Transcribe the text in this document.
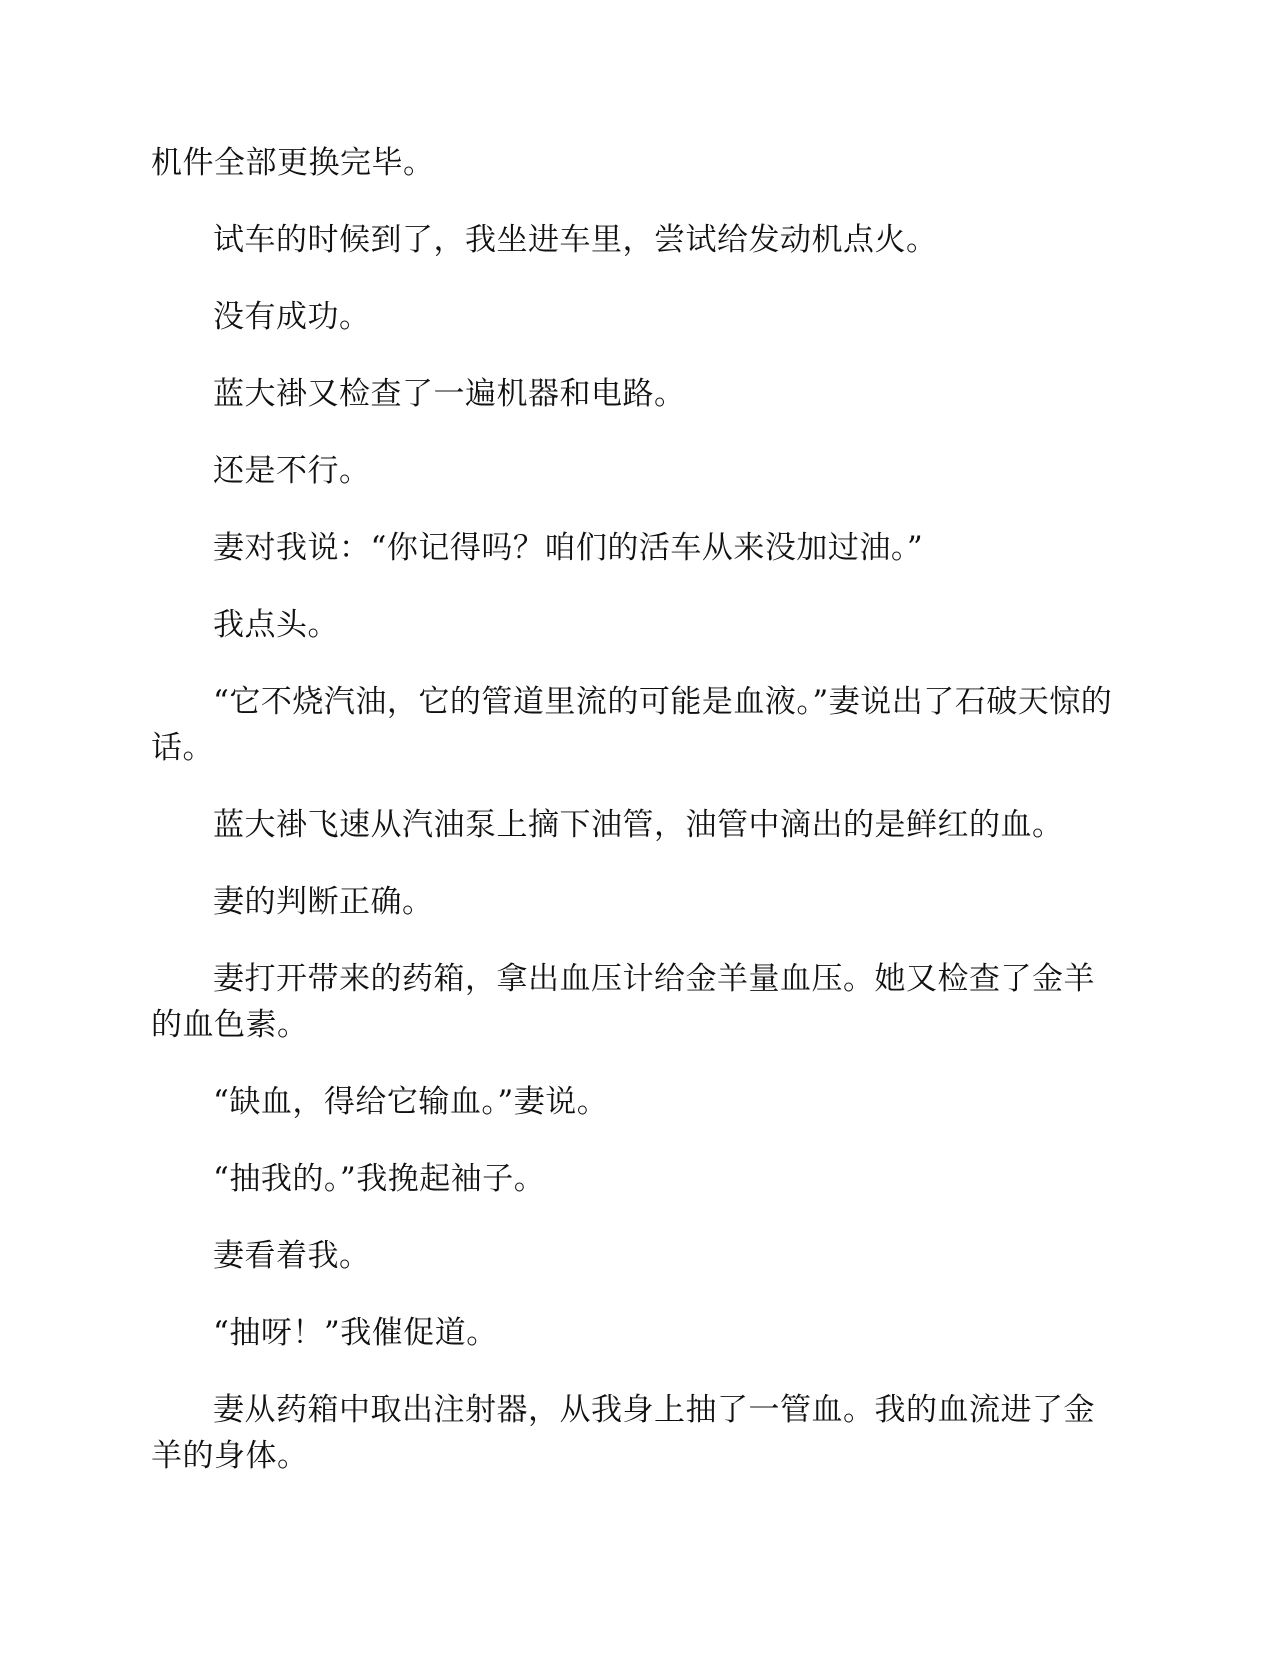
机件全部更换完毕。

试车的时候到了，我坐进车里，尝试给发动机点火。

没有成功。

蓝大褂又检查了一遍机器和电路。

还是不行。

妻对我说：“你记得吗？咱们的活车从来没加过油。”

我点头。

“它不烧汽油，它的管道里流的可能是血液。”妻说出了石破天惊的话。

蓝大褂飞速从汽油泵上摘下油管，油管中滴出的是鲜红的血。

妻的判断正确。

妻打开带来的药箱，拿出血压计给金羊量血压。她又检查了金羊的血色素。

“缺血，得给它输血。”妻说。

“抽我的。”我挽起袖子。

妻看着我。

“抽呀！”我催促道。

妻从药箱中取出注射器，从我身上抽了一管血。我的血流进了金羊的身体。
